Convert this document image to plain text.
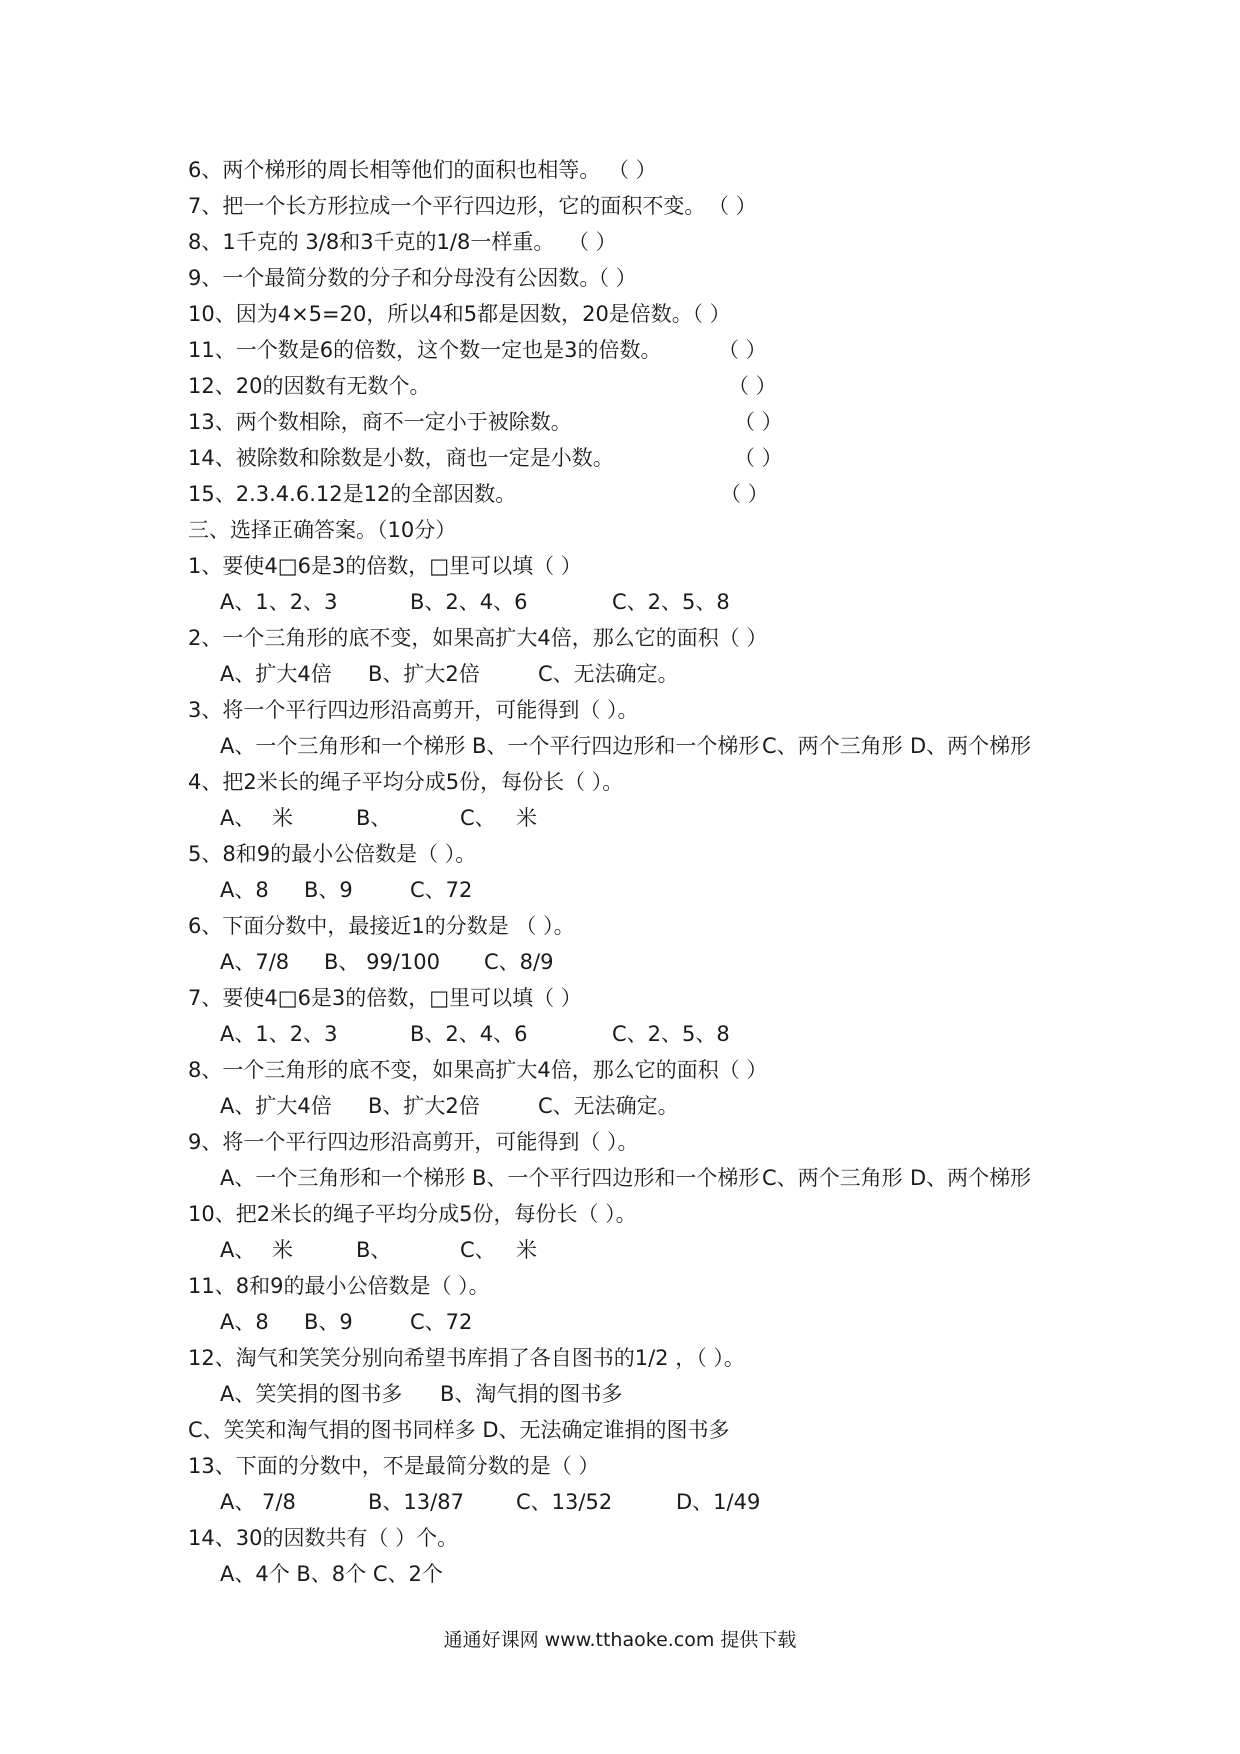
6、两个梯形的周长相等他们的面积也相等。 （ ）
7、把一个长方形拉成一个平行四边形，它的面积不变。 （ ）
8、1千克的 3/8和3千克的1/8一样重。 （ ）
9、一个最简分数的分子和分母没有公因数。
（ ）
10、因为4×5=20，所以4和5都是因数，20是倍数。
（ ）
11、一个数是6的倍数，这个数一定也是3的倍数。	（ ）
12、20的因数有无数个。	（ ）
13、两个数相除，商不一定小于被除数。	（ ）
14、被除数和除数是小数，商也一定是小数。	（ ）
15、2.3.4.6.12是12的全部因数。	（ ）
三、选择正确答案。（10分）
1、要使4□6是3的倍数，□里可以填（ ）
A、1、2、3	B、2、4、6	C、2、5、8
2、一个三角形的底不变，如果高扩大4倍，那么它的面积（ ）
A、扩大4倍 B、扩大2倍	C、无法确定。
3、将一个平行四边形沿高剪开，可能得到（ ）。
A、一个三角形和一个梯形 B、一个平行四边形和一个梯形 C、两个三角形 D、两个梯形
4、把2米长的绳子平均分成5份，每份长（ ）。
A、 米	B、	C、 米
5、8和9的最小公倍数是（ ）。
A、8 B、9	C、72
6、下面分数中，最接近1的分数是 （ ）。
A、7/8 B、 99/100 C、8/9
7、要使4□6是3的倍数，□里可以填（ ）
A、1、2、3	B、2、4、6	C、2、5、8
8、一个三角形的底不变，如果高扩大4倍，那么它的面积（ ）
A、扩大4倍 B、扩大2倍	C、无法确定。
9、将一个平行四边形沿高剪开，可能得到（ ）。
A、一个三角形和一个梯形 B、一个平行四边形和一个梯形 C、两个三角形 D、两个梯形
10、把2米长的绳子平均分成5份，每份长（ ）。
A、 米	B、	C、 米
11、8和9的最小公倍数是（ ）。
A、8 B、9	C、72
12、淘气和笑笑分别向希望书库捐了各自图书的1/2 ，（ ）。
A、笑笑捐的图书多 B、淘气捐的图书多
C、笑笑和淘气捐的图书同样多 D、无法确定谁捐的图书多
13、下面的分数中，不是最简分数的是（ ）
A、 7/8	B、13/87 C、13/52	D、1/49
14、30的因数共有（ ）个。
A、4个 B、8个 C、2个
通通好课网 www.tthaoke.com 提供下载
